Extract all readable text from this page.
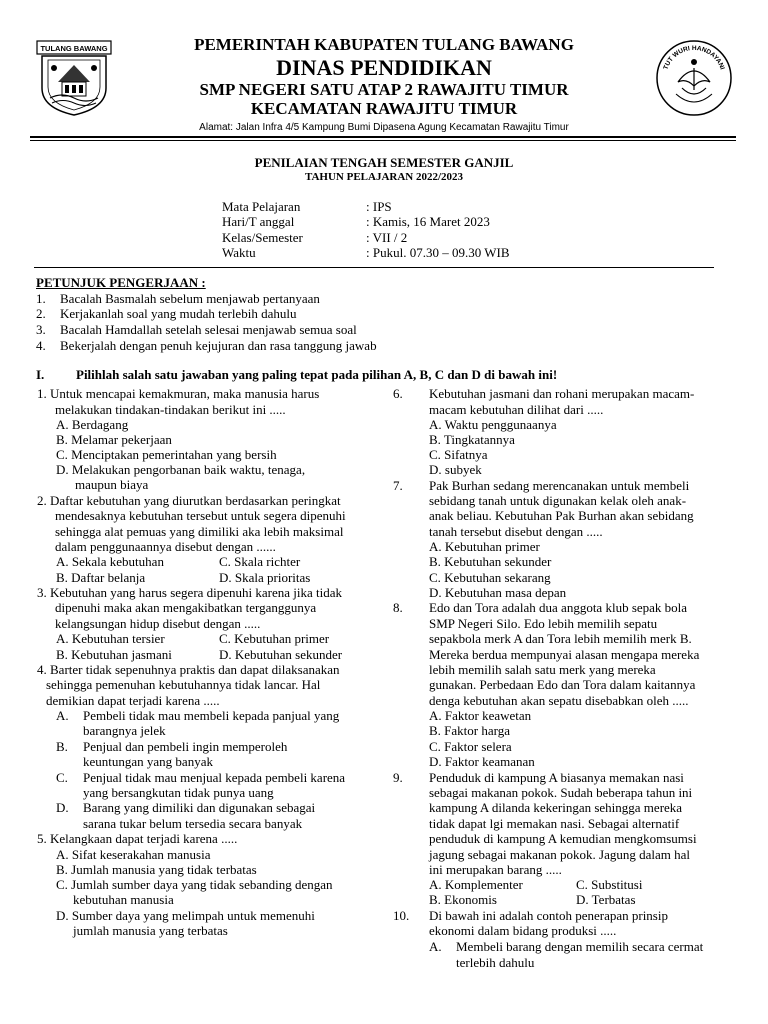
TULANG BAWANG
TUT WURI HANDAYANI
PEMERINTAH KABUPATEN TULANG BAWANG
DINAS PENDIDIKAN
SMP NEGERI SATU ATAP 2 RAWAJITU TIMUR
KECAMATAN RAWAJITU TIMUR
Alamat: Jalan Infra 4/5 Kampung Bumi Dipasena Agung Kecamatan Rawajitu Timur
PENILAIAN TENGAH SEMESTER GANJIL
TAHUN PELAJARAN 2022/2023
Mata Pelajaran	: IPS
Hari/T anggal	: Kamis, 16 Maret 2023
Kelas/Semester	: VII / 2
Waktu	: Pukul. 07.30 – 09.30 WIB
PETUNJUK PENGERJAAN :
1. Bacalah Basmalah sebelum menjawab pertanyaan
2. Kerjakanlah soal yang mudah terlebih dahulu
3. Bacalah Hamdallah setelah selesai menjawab semua soal
4. Bekerjalah dengan penuh kejujuran dan rasa tanggung jawab
I. Pilihlah salah satu jawaban yang paling tepat pada pilihan A, B, C dan D di bawah ini!
1. Untuk mencapai kemakmuran, maka manusia harus
melakukan tindakan-tindakan berikut ini .....
A. Berdagang
B. Melamar pekerjaan
C. Menciptakan pemerintahan yang bersih
D. Melakukan pengorbanan baik waktu, tenaga,
maupun biaya
2. Daftar kebutuhan yang diurutkan berdasarkan peringkat
mendesaknya kebutuhan tersebut untuk segera dipenuhi
sehingga alat pemuas yang dimiliki aka lebih maksimal
dalam penggunaannya disebut dengan ......
A. Sekala kebutuhan	C. Skala richter
B. Daftar belanja	D. Skala prioritas
3. Kebutuhan yang harus segera dipenuhi karena jika tidak
dipenuhi maka akan mengakibatkan terganggunya
kelangsungan hidup disebut dengan .....
A. Kebutuhan tersier	C. Kebutuhan primer
B. Kebutuhan jasmani	D. Kebutuhan sekunder
4. Barter tidak sepenuhnya praktis dan dapat dilaksanakan
sehingga pemenuhan kebutuhannya tidak lancar. Hal
demikian dapat terjadi karena .....
A. Pembeli tidak mau membeli kepada panjual yang
barangnya jelek
B. Penjual dan pembeli ingin memperoleh
keuntungan yang banyak
C. Penjual tidak mau menjual kepada pembeli karena
yang bersangkutan tidak punya uang
D. Barang yang dimiliki dan digunakan sebagai
sarana tukar belum tersedia secara banyak
5. Kelangkaan dapat terjadi karena .....
A. Sifat keserakahan manusia
B. Jumlah manusia yang tidak terbatas
C. Jumlah sumber daya yang tidak sebanding dengan
kebutuhan manusia
D. Sumber daya yang melimpah untuk memenuhi
jumlah manusia yang terbatas
6. Kebutuhan jasmani dan rohani merupakan macam-
macam kebutuhan dilihat dari .....
A. Waktu penggunaanya
B. Tingkatannya
C. Sifatnya
D. subyek
7. Pak Burhan sedang merencanakan untuk membeli
sebidang tanah untuk digunakan kelak oleh anak-
anak beliau. Kebutuhan Pak Burhan akan sebidang
tanah tersebut disebut dengan .....
A. Kebutuhan primer
B. Kebutuhan sekunder
C. Kebutuhan sekarang
D. Kebutuhan masa depan
8. Edo dan Tora adalah dua anggota klub sepak bola
SMP Negeri Silo. Edo lebih memilih sepatu
sepakbola merk A dan Tora lebih memilih merk B.
Mereka berdua mempunyai alasan mengapa mereka
lebih memilih salah satu merk yang mereka
gunakan. Perbedaan Edo dan Tora dalam kaitannya
denga kebutuhan akan sepatu disebabkan oleh .....
A. Faktor keawetan
B. Faktor harga
C. Faktor selera
D. Faktor keamanan
9. Penduduk di kampung A biasanya memakan nasi
sebagai makanan pokok. Sudah beberapa tahun ini
kampung A dilanda kekeringan sehingga mereka
tidak dapat lgi memakan nasi. Sebagai alternatif
penduduk di kampung A kemudian mengkomsumsi
jagung sebagai makanan pokok. Jagung dalam hal
ini merupakan barang .....
A. Komplementer	C. Substitusi
B. Ekonomis	D. Terbatas
10. Di bawah ini adalah contoh penerapan prinsip
ekonomi dalam bidang produksi .....
A. Membeli barang dengan memilih secara cermat
terlebih dahulu
